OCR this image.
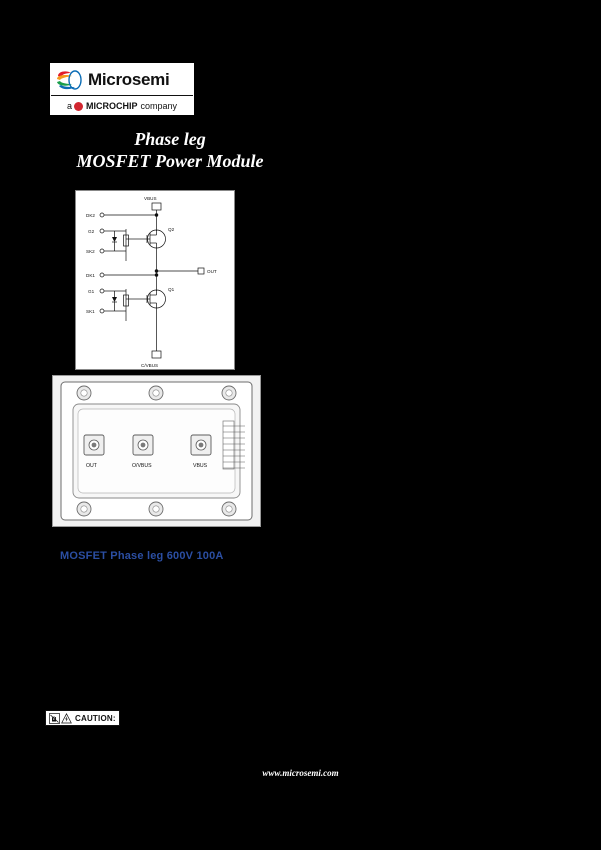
Microsemi
a MICROCHIP company
Phase leg
MOSFET Power Module
VBUS
DK2
G2
SK2
DK1
G1
SK1
OUT
C/VBUS
Q2
Q1
OUT	O/VBUS	VBUS
MOSFET Phase leg 600V 100A
CAUTION:
www.microsemi.com
